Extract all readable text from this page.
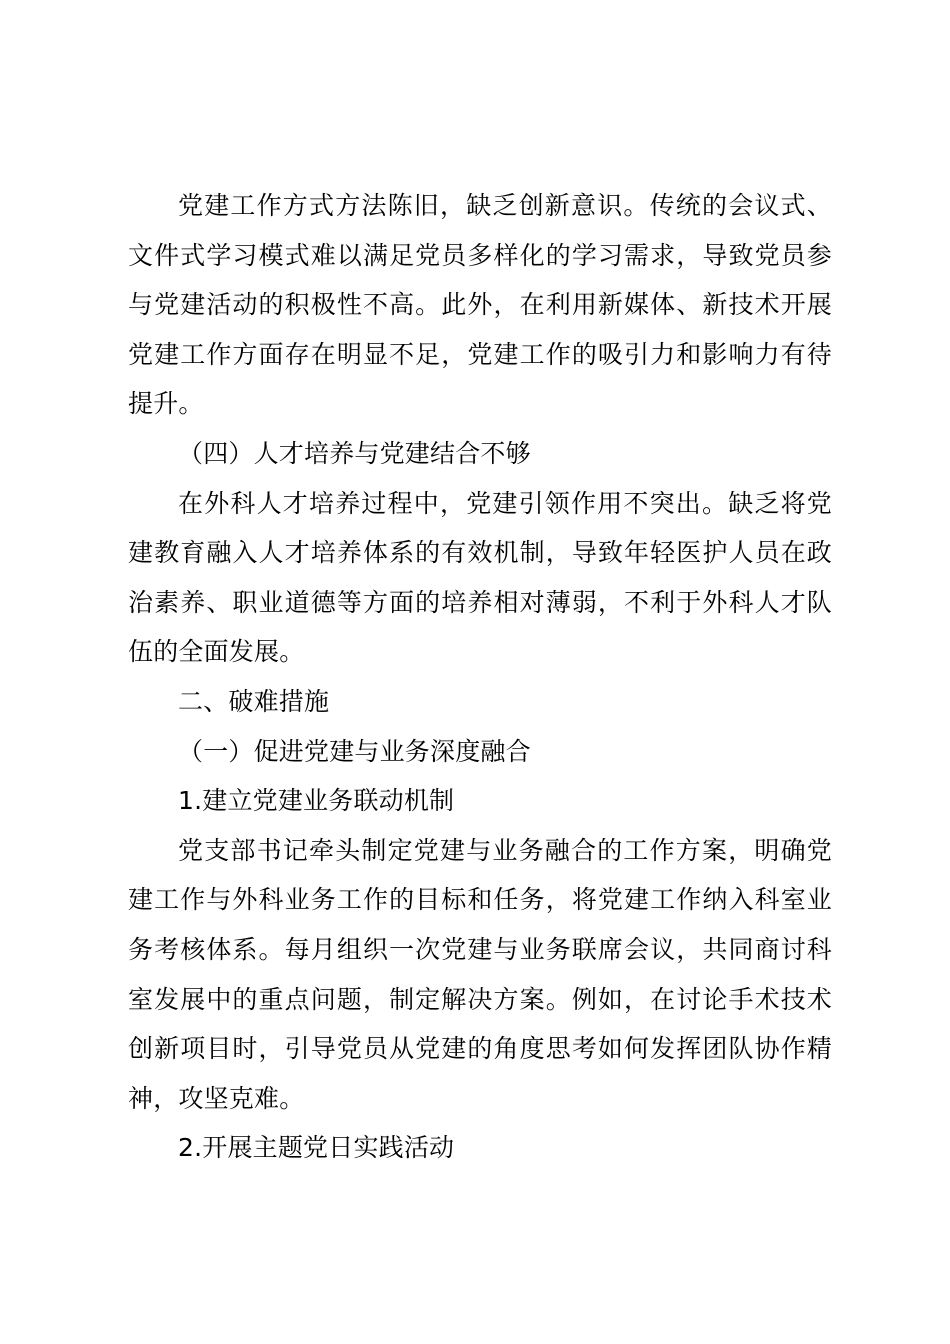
党建工作方式方法陈旧，缺乏创新意识。传统的会议式、文件式学习模式难以满足党员多样化的学习需求，导致党员参与党建活动的积极性不高。此外，在利用新媒体、新技术开展党建工作方面存在明显不足，党建工作的吸引力和影响力有待提升。

（四）人才培养与党建结合不够

在外科人才培养过程中，党建引领作用不突出。缺乏将党建教育融入人才培养体系的有效机制，导致年轻医护人员在政治素养、职业道德等方面的培养相对薄弱，不利于外科人才队伍的全面发展。

二、破难措施

（一）促进党建与业务深度融合

1.建立党建业务联动机制

党支部书记牵头制定党建与业务融合的工作方案，明确党建工作与外科业务工作的目标和任务，将党建工作纳入科室业务考核体系。每月组织一次党建与业务联席会议，共同商讨科室发展中的重点问题，制定解决方案。例如，在讨论手术技术创新项目时，引导党员从党建的角度思考如何发挥团队协作精神，攻坚克难。

2.开展主题党日实践活动
